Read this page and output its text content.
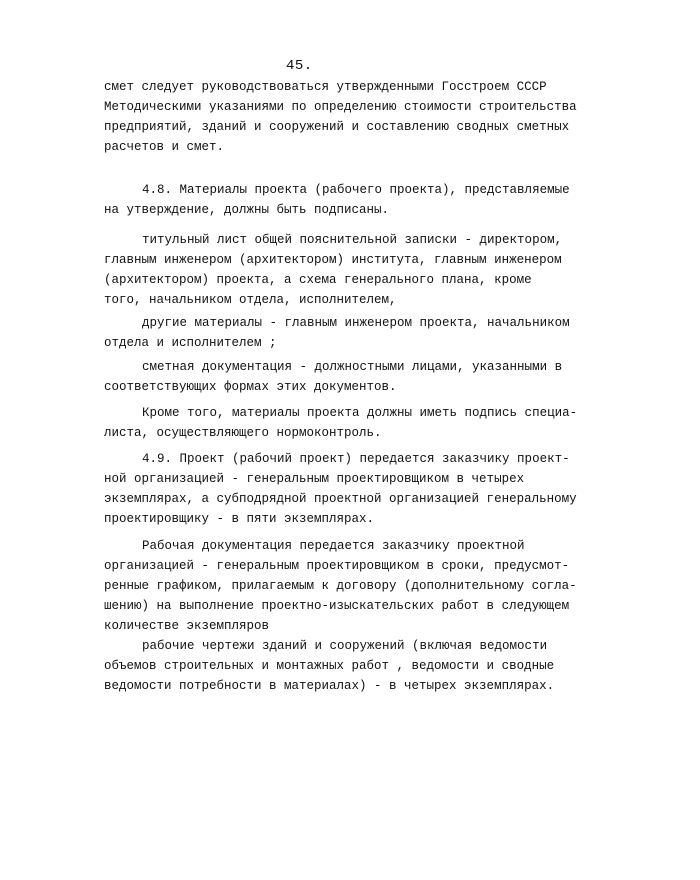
45.
смет следует руководствоваться утвержденными Госстроем СССР
Методическими указаниями по определению стоимости строительства
предприятий, зданий и сооружений и составлению сводных сметных
расчетов и смет.
4.8. Материалы проекта (рабочего проекта), представляемые
на утверждение, должны быть подписаны.
титульный лист общей пояснительной записки - директором,
главным инженером (архитектором) института, главным инженером
(архитектором) проекта, а схема генерального плана, кроме
того, начальником отдела, исполнителем,
другие материалы - главным инженером проекта, начальником
отдела и исполнителем ;
сметная документация - должностными лицами, указанными в
соответствующих формах этих документов.
Кроме того, материалы проекта должны иметь подпись специа-
листа, осуществляющего нормоконтроль.
4.9. Проект (рабочий проект) передается заказчику проект-
ной организацией - генеральным проектировщиком в четырех
экземплярах, а субподрядной проектной организацией генеральному
проектировщику - в пяти экземплярах.
Рабочая документация передается заказчику проектной
организацией - генеральным проектировщиком в сроки, предусмот-
ренные графиком, прилагаемым к договору (дополнительному согла-
шению) на выполнение проектно-изыскательских работ в следующем
количестве экземпляров
рабочие чертежи зданий и сооружений (включая ведомости
объемов строительных и монтажных работ , ведомости и сводные
ведомости потребности в материалах) - в четырех экземплярах.
